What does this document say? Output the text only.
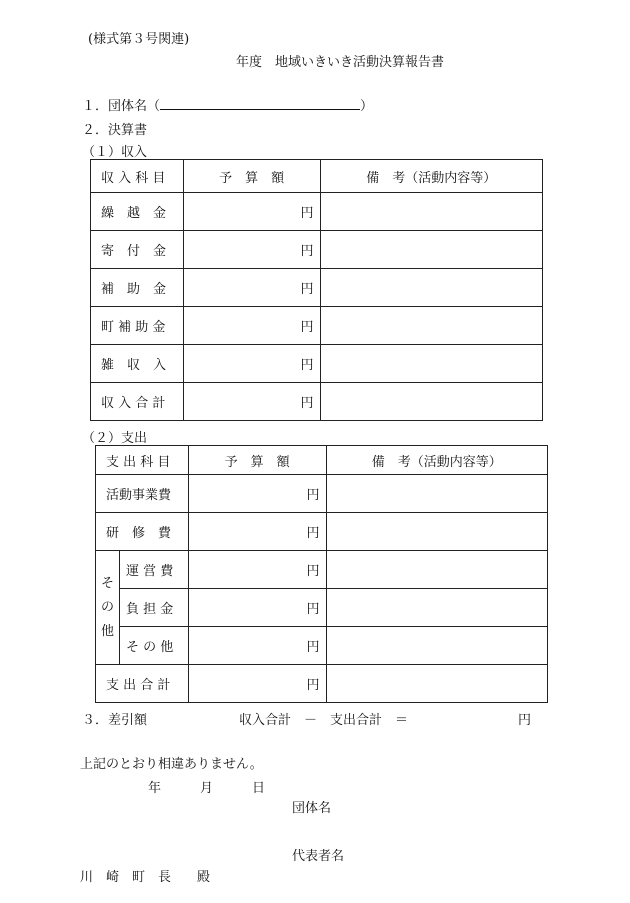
(様式第３号関連)
年度　地域いきいき活動決算報告書
１．団体名（	）
２．決算書
（１）収入
収 入 科 目	予　算　額	備　考（活動内容等）
繰　越　金	円	
寄　付　金	円	
補　助　金	円	
町 補 助 金	円	
雑　収　入	円	
収 入 合 計	円	
（２）支出
支 出 科 目		予　算　額	備　考（活動内容等）
活動事業費		円	
研　修　費		円	

そ
の
他	運 営 費	円	
	負 担 金	円	
	そ の 他	円	
支 出 合 計		円	
３．差引額	収入合計　－　支出合計　＝	円
上記のとおり相違ありません。
年　　　月　　　日
団体名
代表者名
川　崎　町　長　　殿
